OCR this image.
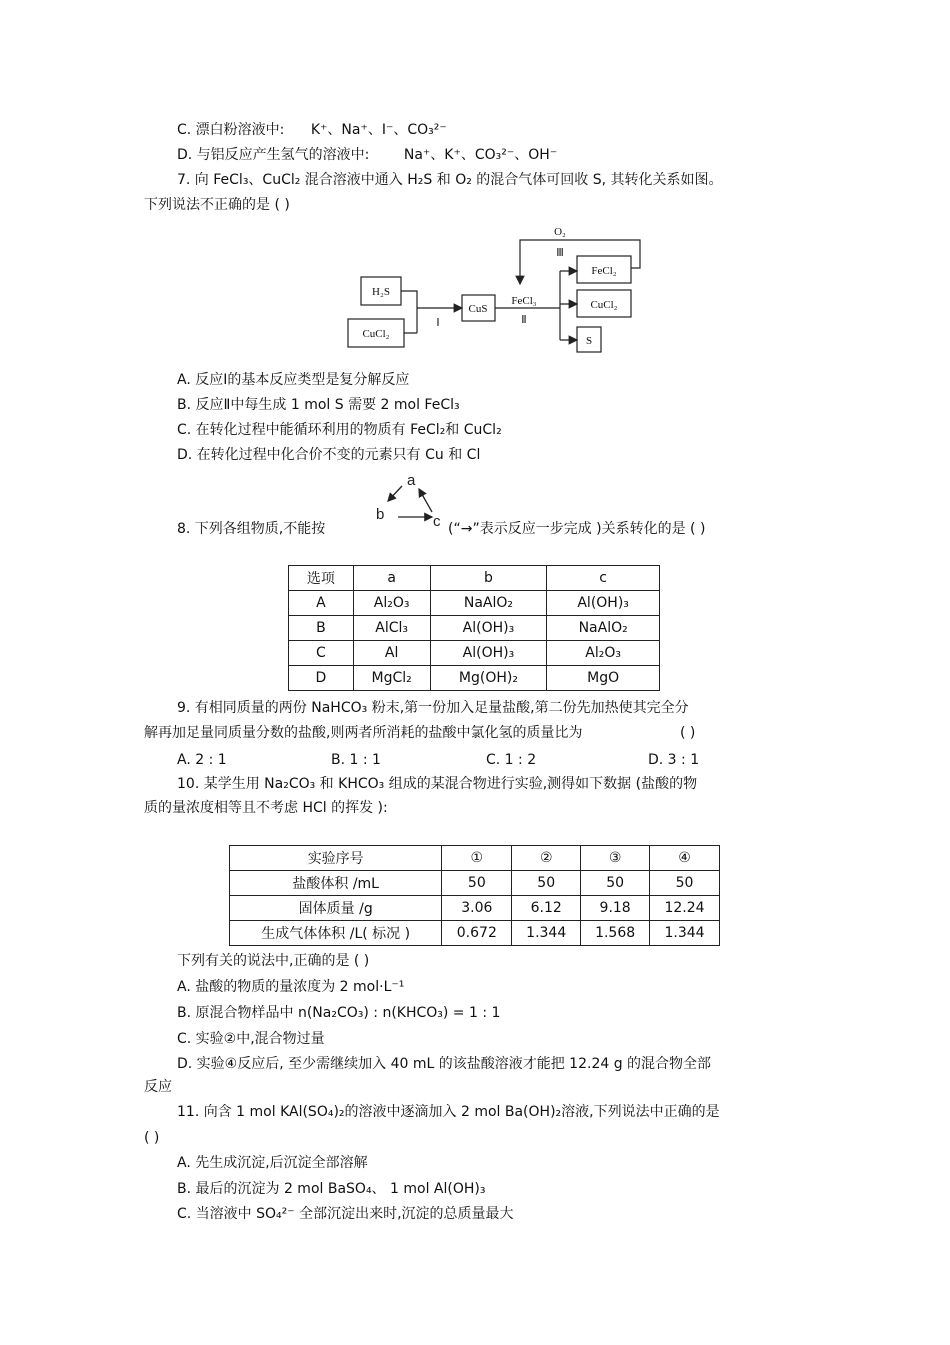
C. 漂白粉溶液中: K⁺、Na⁺、I⁻、CO₃²⁻
D. 与铝反应产生氢气的溶液中: Na⁺、K⁺、CO₃²⁻、OH⁻
7. 向 FeCl₃、CuCl₂ 混合溶液中通入 H₂S 和 O₂ 的混合气体可回收 S, 其转化关系如图。
下列说法不正确的是 ( )
H₂S
CuCl₂
CuS
Ⅰ
FeCl₃
Ⅱ
O₂
Ⅲ
FeCl₂
CuCl₂
S
A. 反应Ⅰ的基本反应类型是复分解反应
B. 反应Ⅱ中每生成 1 mol S 需要 2 mol FeCl₃
C. 在转化过程中能循环利用的物质有 FeCl₂和 CuCl₂
D. 在转化过程中化合价不变的元素只有 Cu 和 Cl
a
b	c
8. 下列各组物质,不能按	(“→”表示反应一步完成 )关系转化的是 ( )
选项	a	b	c
A	Al₂O₃	NaAlO₂	Al(OH)₃
B	AlCl₃	Al(OH)₃	NaAlO₂
C	Al	Al(OH)₃	Al₂O₃
D	MgCl₂	Mg(OH)₂	MgO
9. 有相同质量的两份 NaHCO₃ 粉末,第一份加入足量盐酸,第二份先加热使其完全分
解再加足量同质量分数的盐酸,则两者所消耗的盐酸中氯化氢的质量比为	( )
A. 2 : 1	B. 1 : 1	C. 1 : 2	D. 3 : 1
10. 某学生用 Na₂CO₃ 和 KHCO₃ 组成的某混合物进行实验,测得如下数据 (盐酸的物
质的量浓度相等且不考虑 HCl 的挥发 ):
实验序号	①	②	③	④
盐酸体积 /mL	50	50	50	50
固体质量 /g	3.06	6.12	9.18	12.24
生成气体体积 /L( 标况 )	0.672	1.344	1.568	1.344
下列有关的说法中,正确的是 ( )
A. 盐酸的物质的量浓度为 2 mol·L⁻¹
B. 原混合物样品中 n(Na₂CO₃) : n(KHCO₃) = 1 : 1
C. 实验②中,混合物过量
D. 实验④反应后, 至少需继续加入 40 mL 的该盐酸溶液才能把 12.24 g 的混合物全部
反应
11. 向含 1 mol KAl(SO₄)₂的溶液中逐滴加入 2 mol Ba(OH)₂溶液,下列说法中正确的是
( )
A. 先生成沉淀,后沉淀全部溶解
B. 最后的沉淀为 2 mol BaSO₄、 1 mol Al(OH)₃
C. 当溶液中 SO₄²⁻ 全部沉淀出来时,沉淀的总质量最大
